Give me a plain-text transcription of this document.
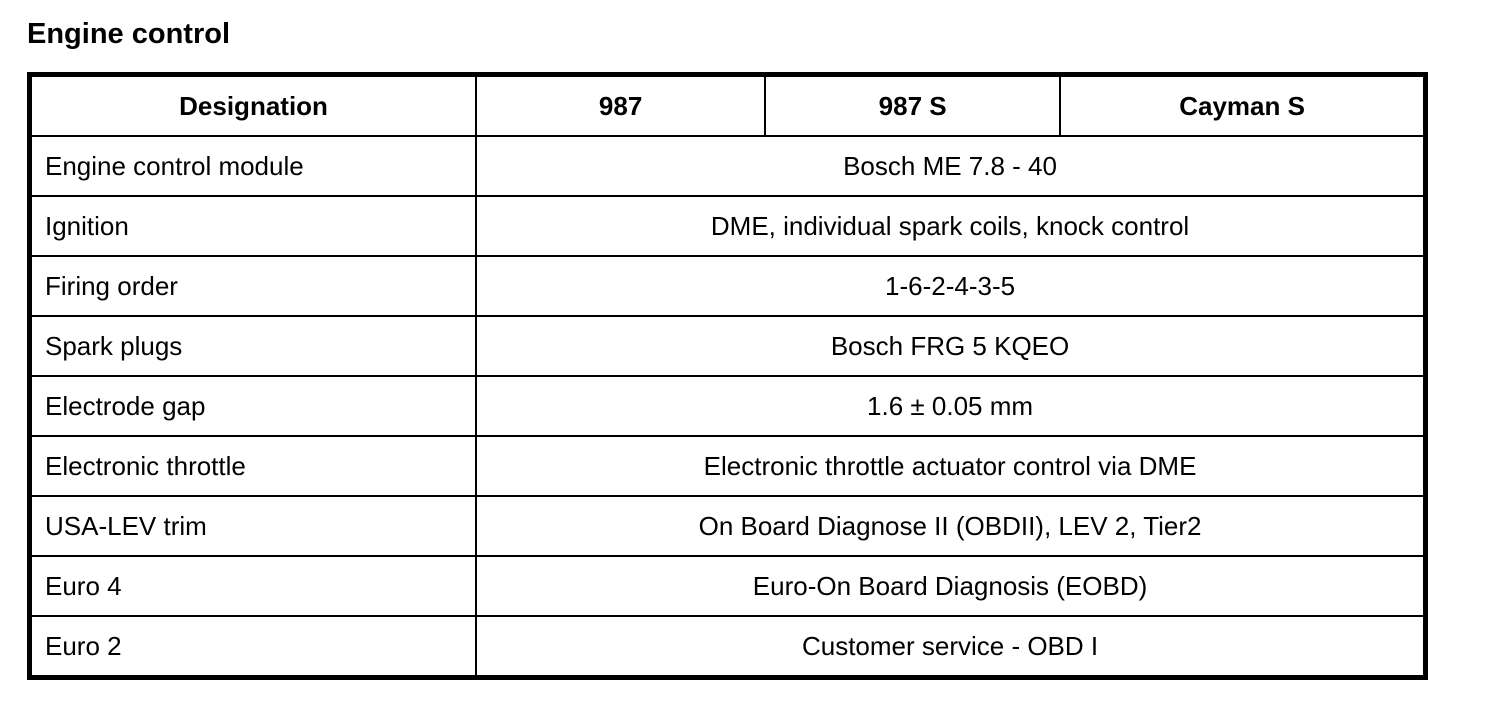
Engine control
Designation	987	987 S	Cayman S
Engine control module	Bosch ME 7.8 - 40		
Ignition	DME, individual spark coils, knock control		
Firing order	1-6-2-4-3-5		
Spark plugs	Bosch FRG 5 KQEO		
Electrode gap	1.6 ± 0.05 mm		
Electronic throttle	Electronic throttle actuator control via DME		
USA-LEV trim	On Board Diagnose II (OBDII), LEV 2, Tier2		
Euro 4	Euro-On Board Diagnosis (EOBD)		
Euro 2	Customer service - OBD I		
